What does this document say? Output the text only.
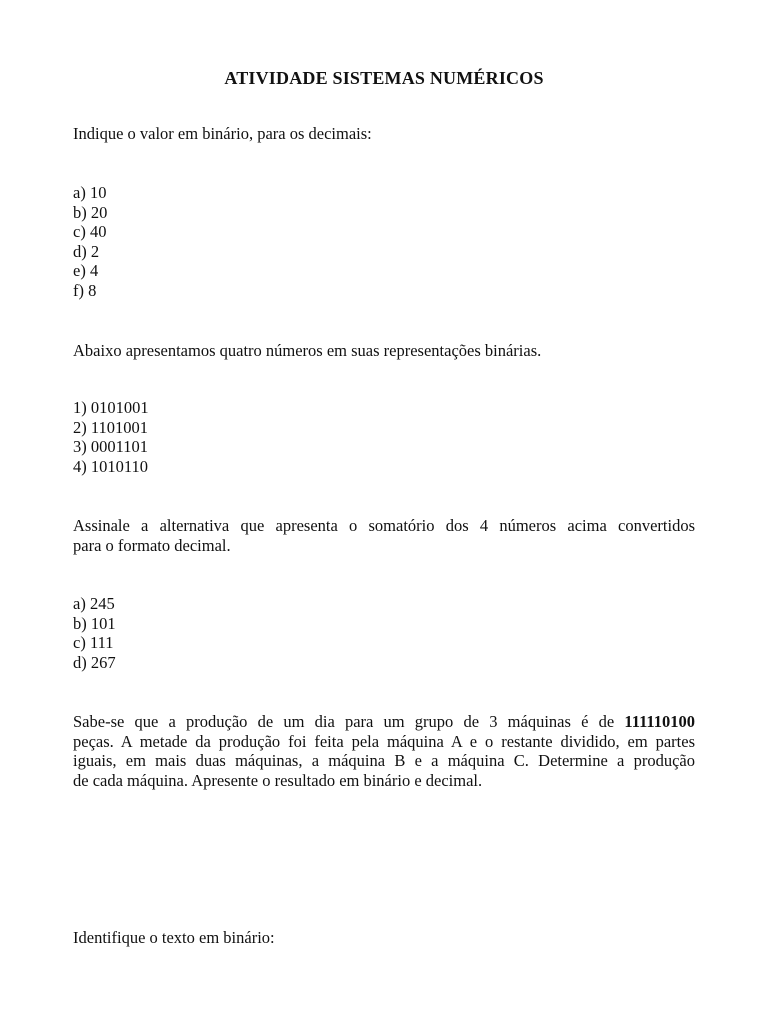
ATIVIDADE SISTEMAS NUMÉRICOS
Indique o valor em binário, para os decimais:
a) 10
b) 20
c) 40
d) 2
e) 4
f) 8
Abaixo apresentamos quatro números em suas representações binárias.
1) 0101001
2) 1101001
3) 0001101
4) 1010110
Assinale a alternativa que apresenta o somatório dos 4 números acima convertidos
para o formato decimal.
a) 245
b) 101
c) 111
d) 267
Sabe-se que a produção de um dia para um grupo de 3 máquinas é de 111110100
peças. A metade da produção foi feita pela máquina A e o restante dividido, em partes
iguais, em mais duas máquinas, a máquina B e a máquina C. Determine a produção
de cada máquina. Apresente o resultado em binário e decimal.
Identifique o texto em binário:
